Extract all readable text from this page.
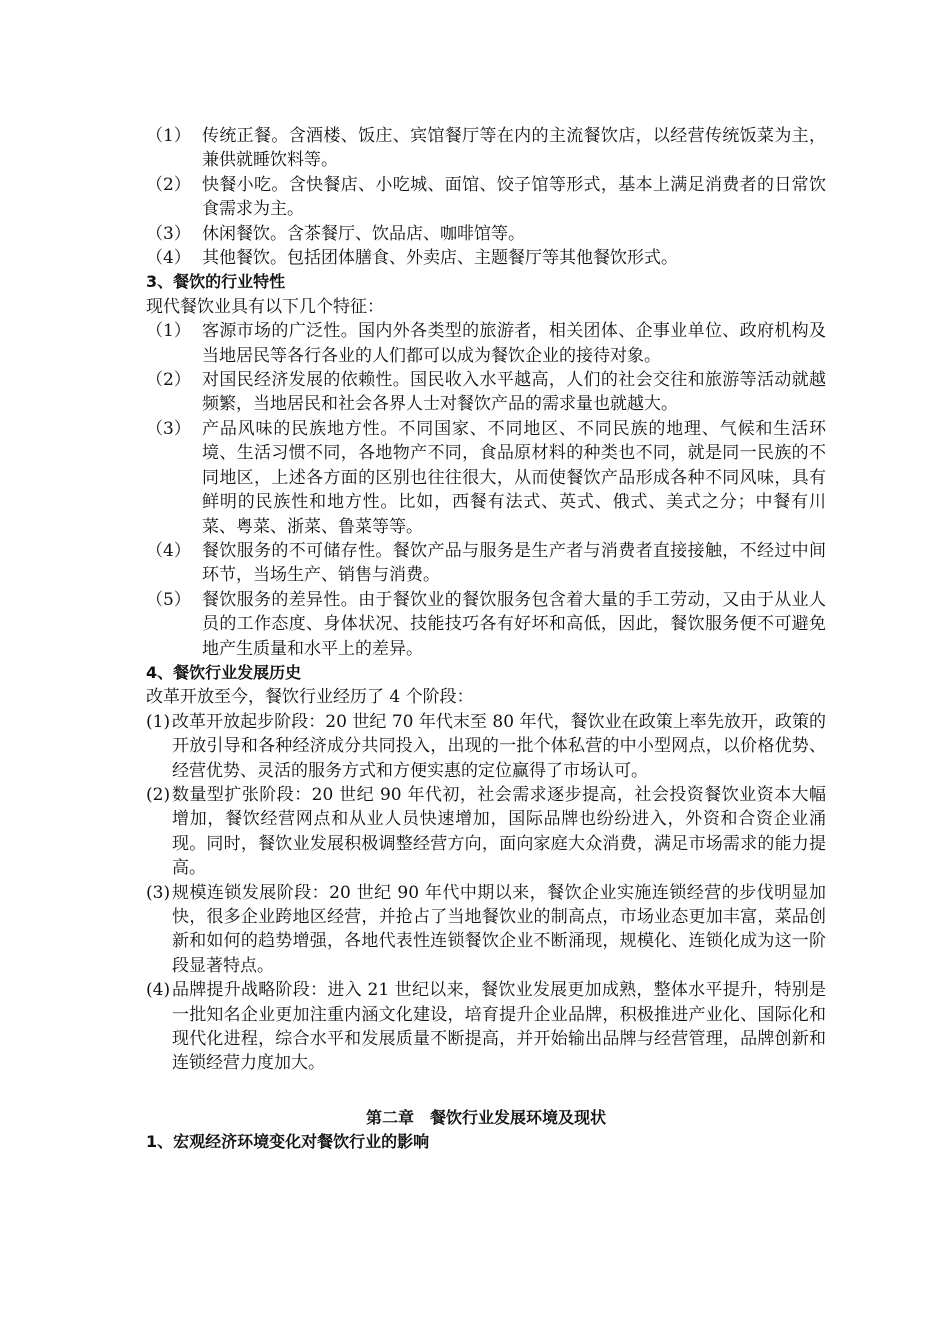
（1） 传统正餐。含酒楼、饭庄、宾馆餐厅等在内的主流餐饮店，以经营传统饭菜为主，兼供就睡饮料等。
（2） 快餐小吃。含快餐店、小吃城、面馆、饺子馆等形式，基本上满足消费者的日常饮食需求为主。
（3） 休闲餐饮。含茶餐厅、饮品店、咖啡馆等。
（4） 其他餐饮。包括团体膳食、外卖店、主题餐厅等其他餐饮形式。
3、餐饮的行业特性
现代餐饮业具有以下几个特征：
（1） 客源市场的广泛性。国内外各类型的旅游者，相关团体、企事业单位、政府机构及当地居民等各行各业的人们都可以成为餐饮企业的接待对象。
（2） 对国民经济发展的依赖性。国民收入水平越高，人们的社会交往和旅游等活动就越频繁，当地居民和社会各界人士对餐饮产品的需求量也就越大。
（3） 产品风味的民族地方性。不同国家、不同地区、不同民族的地理、气候和生活环境、生活习惯不同，各地物产不同，食品原材料的种类也不同，就是同一民族的不同地区，上述各方面的区别也往往很大，从而使餐饮产品形成各种不同风味，具有鲜明的民族性和地方性。比如，西餐有法式、英式、俄式、美式之分；中餐有川菜、粤菜、浙菜、鲁菜等等。
（4） 餐饮服务的不可储存性。餐饮产品与服务是生产者与消费者直接接触，不经过中间环节，当场生产、销售与消费。
（5） 餐饮服务的差异性。由于餐饮业的餐饮服务包含着大量的手工劳动，又由于从业人员的工作态度、身体状况、技能技巧各有好坏和高低，因此，餐饮服务便不可避免地产生质量和水平上的差异。
4、餐饮行业发展历史
改革开放至今，餐饮行业经历了 4 个阶段：
(1) 改革开放起步阶段：20 世纪 70 年代末至 80 年代，餐饮业在政策上率先放开，政策的开放引导和各种经济成分共同投入，出现的一批个体私营的中小型网点，以价格优势、经营优势、灵活的服务方式和方便实惠的定位赢得了市场认可。
(2) 数量型扩张阶段：20 世纪 90 年代初，社会需求逐步提高，社会投资餐饮业资本大幅增加，餐饮经营网点和从业人员快速增加，国际品牌也纷纷进入，外资和合资企业涌现。同时，餐饮业发展积极调整经营方向，面向家庭大众消费，满足市场需求的能力提高。
(3) 规模连锁发展阶段：20 世纪 90 年代中期以来，餐饮企业实施连锁经营的步伐明显加快，很多企业跨地区经营，并抢占了当地餐饮业的制高点，市场业态更加丰富，菜品创新和如何的趋势增强，各地代表性连锁餐饮企业不断涌现，规模化、连锁化成为这一阶段显著特点。
(4) 品牌提升战略阶段：进入 21 世纪以来，餐饮业发展更加成熟，整体水平提升，特别是一批知名企业更加注重内涵文化建设，培育提升企业品牌，积极推进产业化、国际化和现代化进程，综合水平和发展质量不断提高，并开始输出品牌与经营管理，品牌创新和连锁经营力度加大。
第二章　餐饮行业发展环境及现状
1、宏观经济环境变化对餐饮行业的影响
